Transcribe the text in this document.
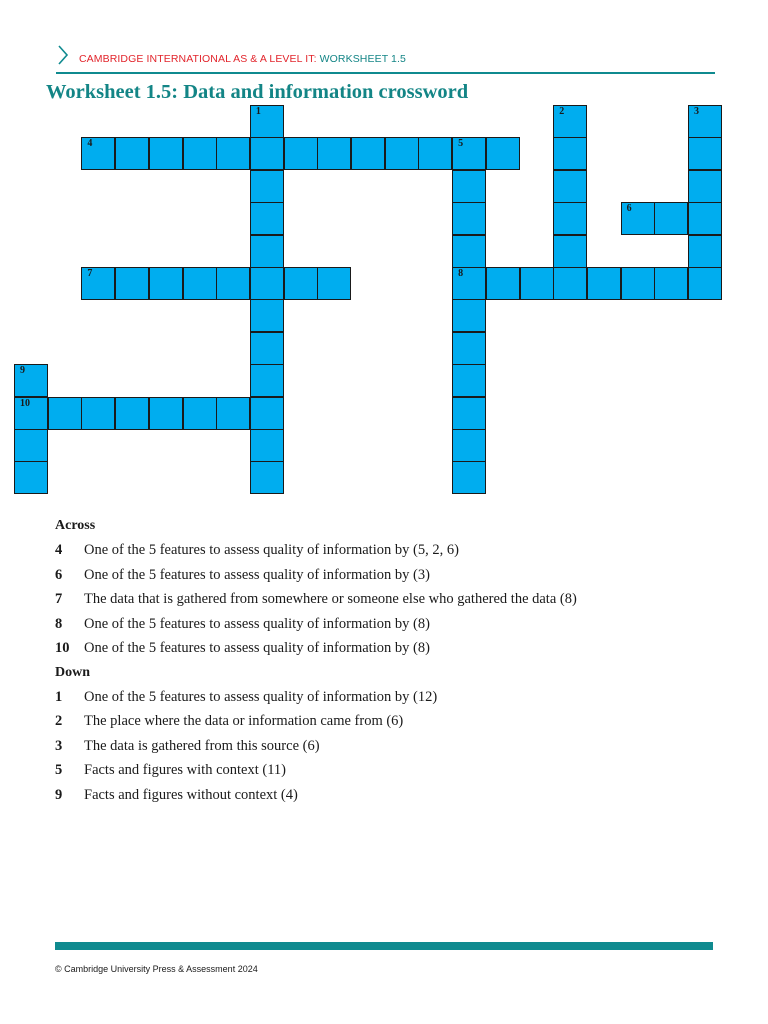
CAMBRIDGE INTERNATIONAL AS & A LEVEL IT: WORKSHEET 1.5
Worksheet 1.5: Data and information crossword
4	5
6
7	8
10
1	2	3
9

Across

4	One of the 5 features to assess quality of information by (5, 2, 6)
6	One of the 5 features to assess quality of information by (3)
7	The data that is gathered from somewhere or someone else who gathered the data (8)
8	One of the 5 features to assess quality of information by (8)
10	One of the 5 features to assess quality of information by (8)

Down

1	One of the 5 features to assess quality of information by (12)
2	The place where the data or information came from (6)
3	The data is gathered from this source (6)
5	Facts and figures with context (11)
9	Facts and figures without context (4)
© Cambridge University Press & Assessment 2024
